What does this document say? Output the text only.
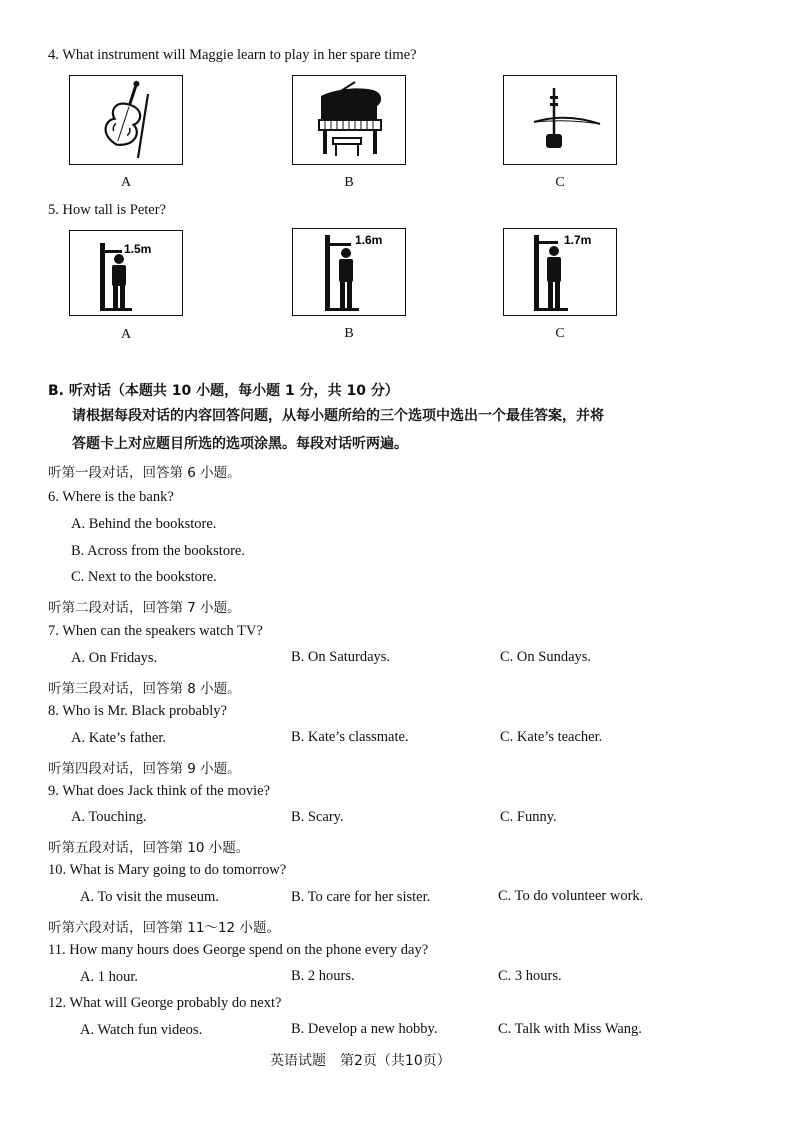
4. What instrument will Maggie learn to play in her spare time?
A	B	C
5. How tall is Peter?
1.5m
A
1.6m
B
1.7m
C
B. 听对话（本题共 10 小题，每小题 1 分，共 10 分）
请根据每段对话的内容回答问题，从每小题所给的三个选项中选出一个最佳答案，并将
答题卡上对应题目所选的选项涂黑。每段对话听两遍。
听第一段对话，回答第 6 小题。
6. Where is the bank?
A. Behind the bookstore.
B. Across from the bookstore.
C. Next to the bookstore.
听第二段对话，回答第 7 小题。
7. When can the speakers watch TV?
A. On Fridays.	B. On Saturdays.	C. On Sundays.
听第三段对话，回答第 8 小题。
8. Who is Mr. Black probably?
A. Kate’s father.	B. Kate’s classmate.	C. Kate’s teacher.
听第四段对话，回答第 9 小题。
9. What does Jack think of the movie?
A. Touching.	B. Scary.	C. Funny.
听第五段对话，回答第 10 小题。
10. What is Mary going to do tomorrow?
A. To visit the museum.	B. To care for her sister.	C. To do volunteer work.
听第六段对话，回答第 11～12 小题。
11. How many hours does George spend on the phone every day?
A. 1 hour.	B. 2 hours.	C. 3 hours.
12. What will George probably do next?
A. Watch fun videos.	B. Develop a new hobby.	C. Talk with Miss Wang.
英语试题　第2页（共10页）
